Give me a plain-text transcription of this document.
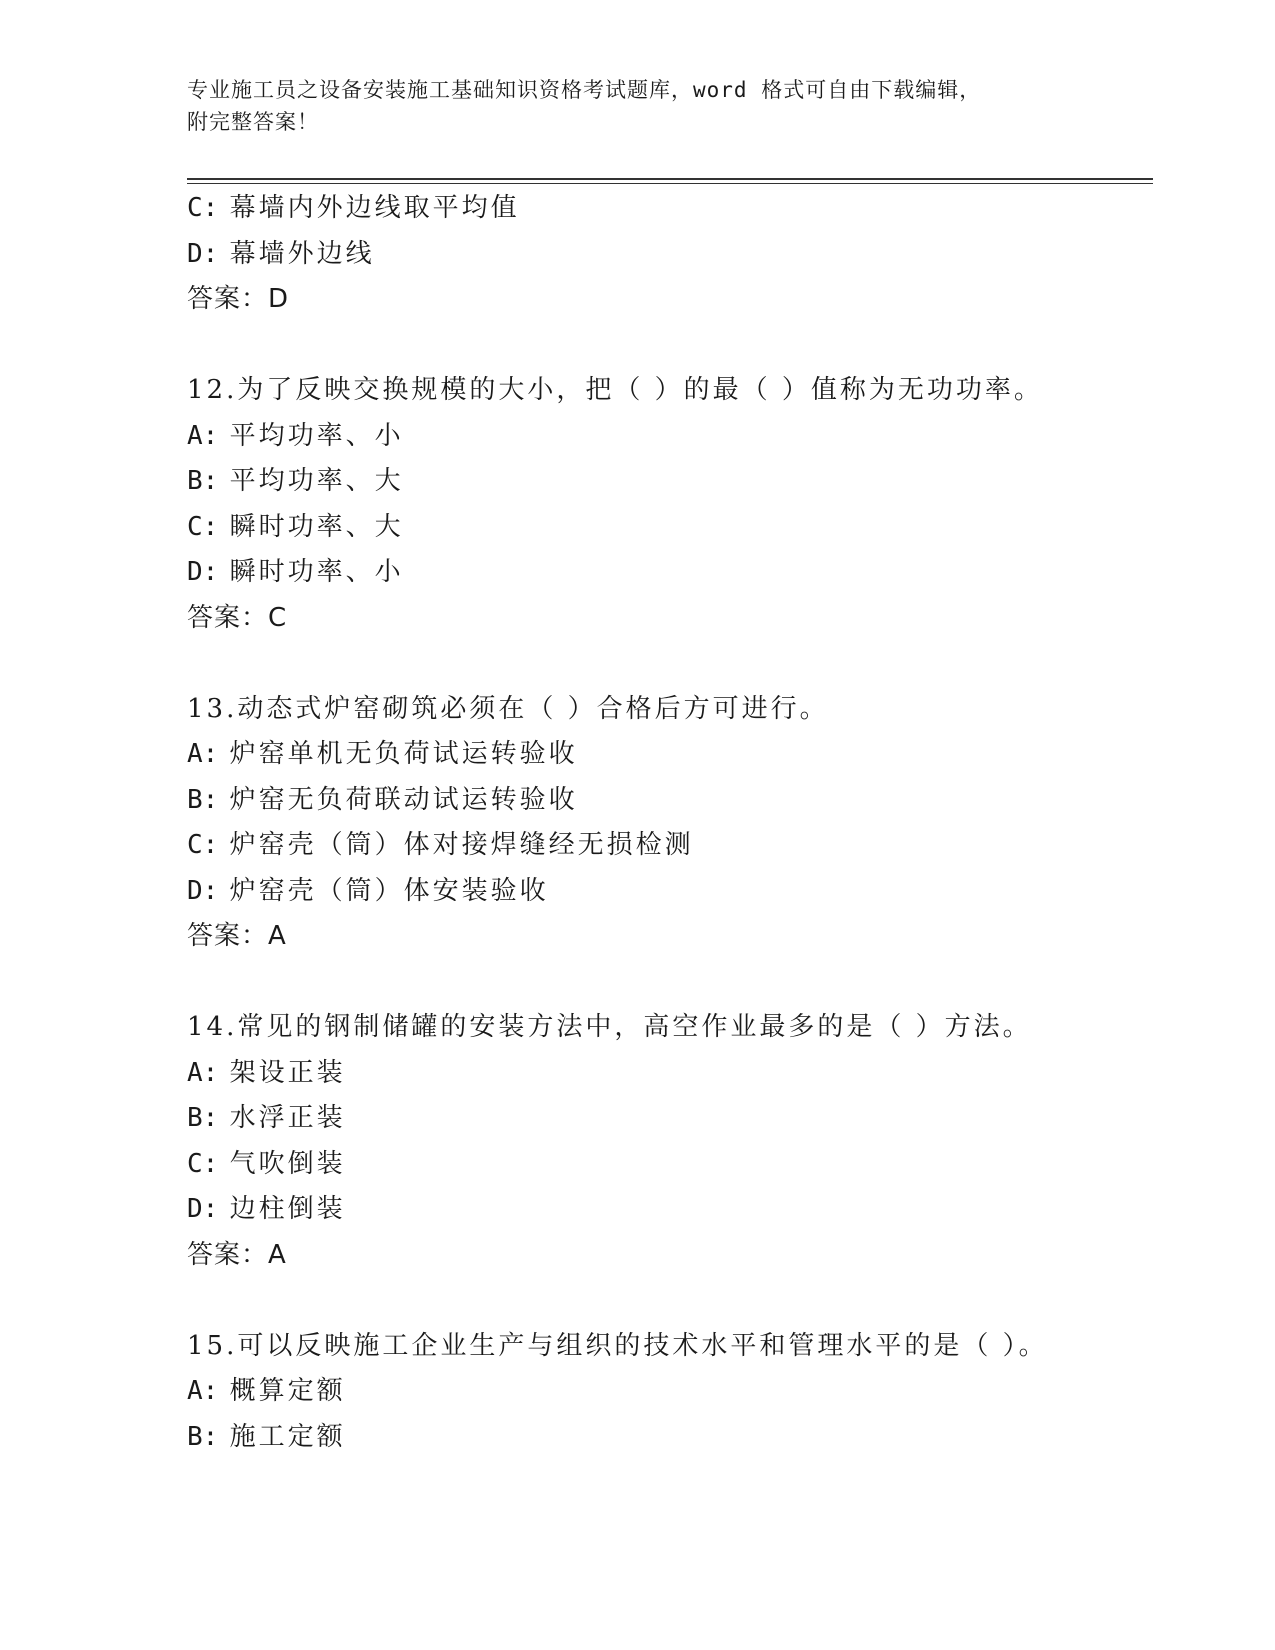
专业施工员之设备安装施工基础知识资格考试题库，word 格式可自由下载编辑，
附完整答案！
C: 幕墙内外边线取平均值
D: 幕墙外边线
答案：D
12.为了反映交换规模的大小，把（ ）的最（ ）值称为无功功率。
A: 平均功率、小
B: 平均功率、大
C: 瞬时功率、大
D: 瞬时功率、小
答案：C
13.动态式炉窑砌筑必须在（ ）合格后方可进行。
A: 炉窑单机无负荷试运转验收
B: 炉窑无负荷联动试运转验收
C: 炉窑壳（筒）体对接焊缝经无损检测
D: 炉窑壳（筒）体安装验收
答案：A
14.常见的钢制储罐的安装方法中，高空作业最多的是（ ）方法。
A: 架设正装
B: 水浮正装
C: 气吹倒装
D: 边柱倒装
答案：A
15.可以反映施工企业生产与组织的技术水平和管理水平的是（ ）。
A: 概算定额
B: 施工定额
